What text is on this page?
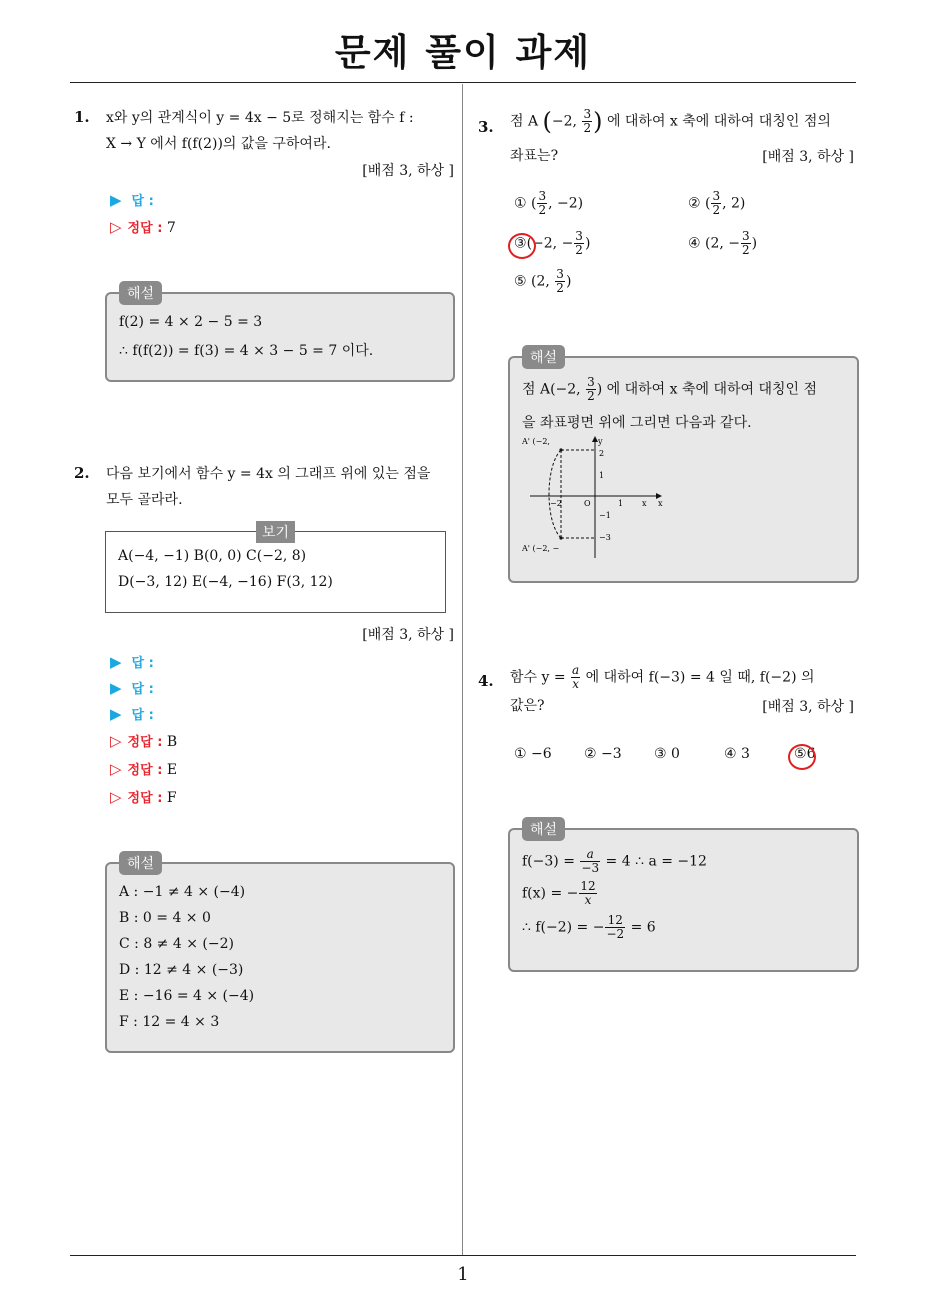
문제 풀이 과제
1
1. x와 y의 관계식이 y = 4x − 5로 정해지는 함수 f :
X → Y 에서 f(f(2))의 값을 구하여라.
[배점 3, 하상 ]
▶ 답 :
▷ 정답 : 7
해설
f(2) = 4 × 2 − 5 = 3
∴ f(f(2)) = f(3) = 4 × 3 − 5 = 7 이다.
2. 다음 보기에서 함수 y = 4x 의 그래프 위에 있는 점을
모두 골라라.
보기
A(−4, −1) B(0, 0) C(−2, 8)
D(−3, 12) E(−4, −16) F(3, 12)
[배점 3, 하상 ]
▶ 답 :
▶ 답 :
▶ 답 :
▷ 정답 : B
▷ 정답 : E
▷ 정답 : F
해설
A : −1 ≠ 4 × (−4)
B : 0 = 4 × 0
C : 8 ≠ 4 × (−2)
D : 12 ≠ 4 × (−3)
E : −16 = 4 × (−4)
F : 12 = 4 × 3
3. 점 A (−2, $\frac{3}{2}$ ) 에 대하여 x 축에 대하여 대칭인 점의
좌표는?	[배점 3, 하상 ]
① ( $\frac{3}{2}$ , −2)	② ( $\frac{3}{2}$ , 2)
③(−2, − $\frac{3}{2}$ )	④ (2, − $\frac{3}{2}$ )
⑤ (2, $\frac{3}{2}$ )
해설
점 A(−2, $\frac{3}{2}$ ) 에 대하여 x 축에 대하여 대칭인 점
을 좌표평면 위에 그리면 다음과 같다.
A' (−2,
A' (−2, −
y
x
2
1
−1
−3
−2	O	1 x
4. 함수 $y = \frac{a}{x}$ 에 대하여 f(−3) = 4 일 때, f(−2) 의
값은?	[배점 3, 하상 ]
① −6 ② −3 ③ 0	④ 3	⑤6
해설
$f(-3) = \frac{a}{-3} = 4$ ∴ a = −12
f(x) = − $\frac{12}{x}$
∴ f(−2) = − $\frac{12}{-2} = 6$
